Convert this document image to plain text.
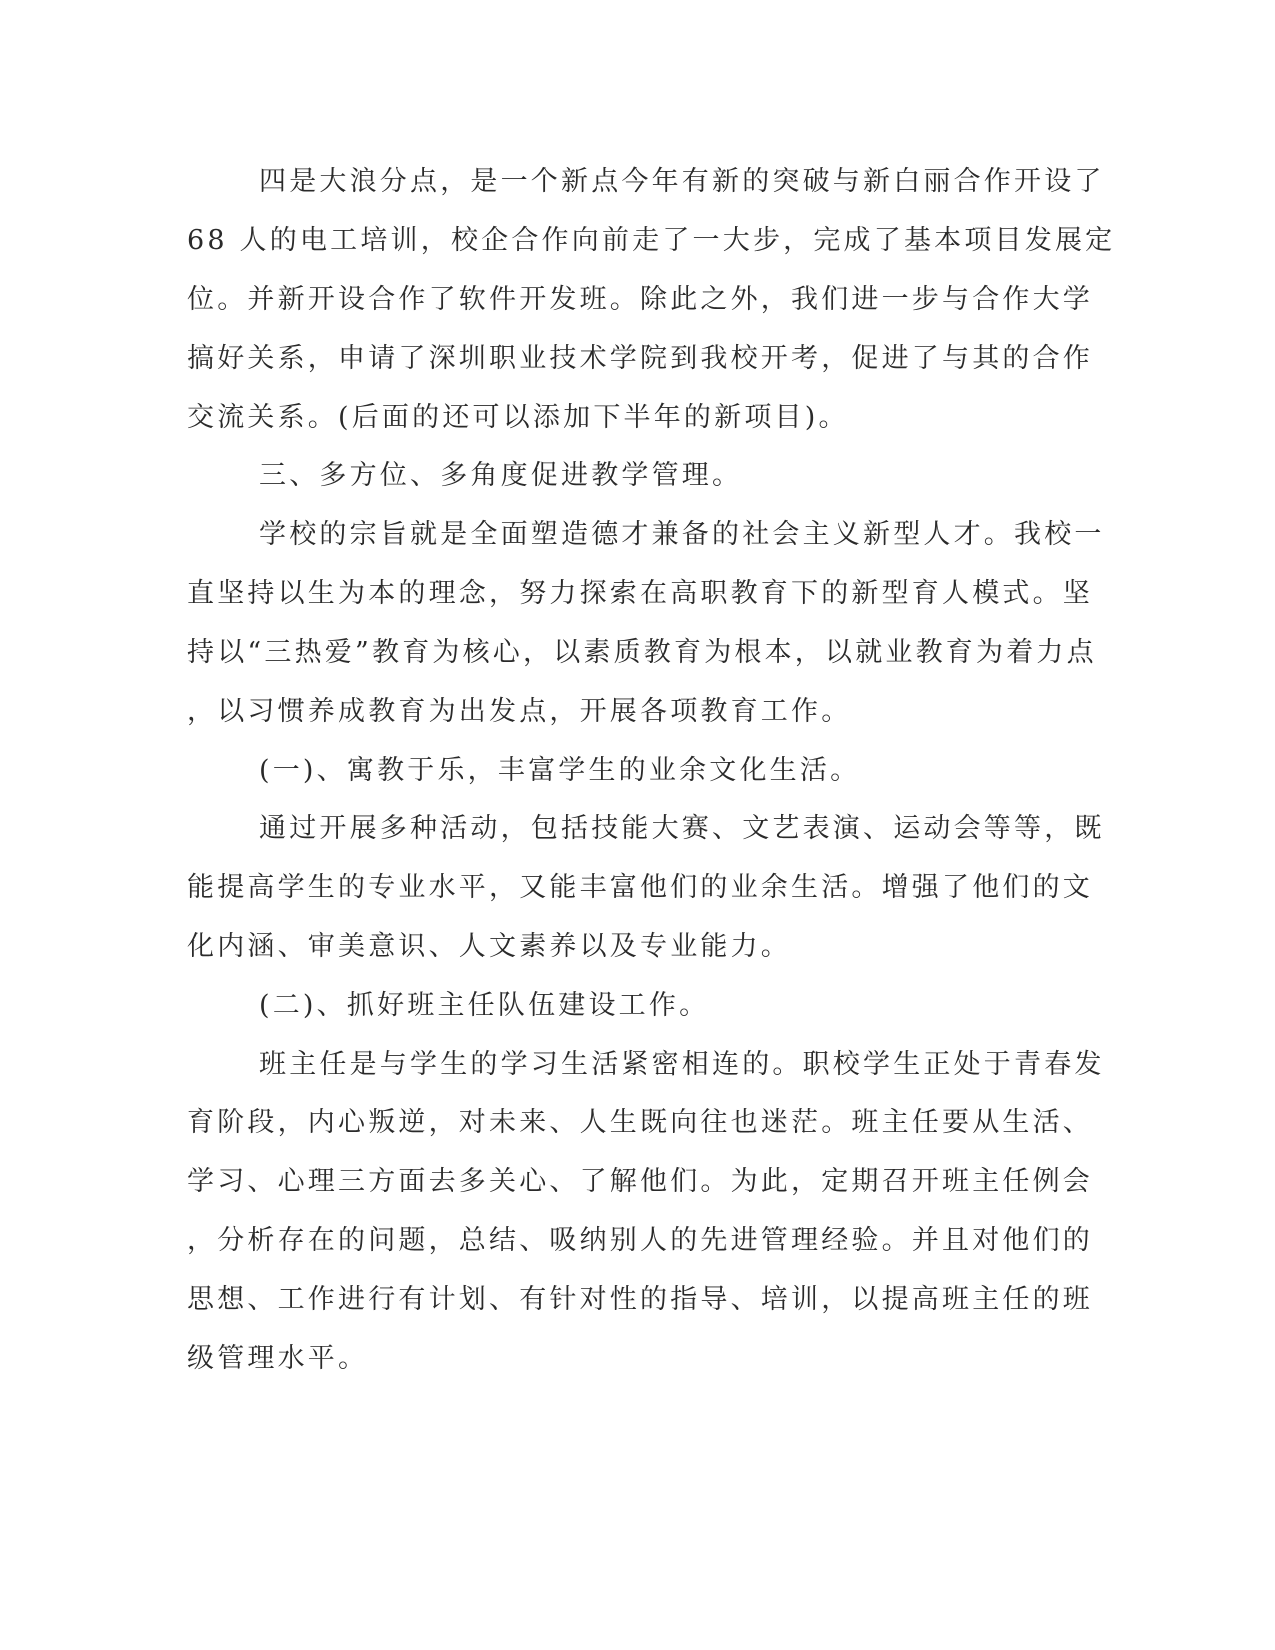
四是大浪分点，是一个新点今年有新的突破与新白丽合作开设了

68 人的电工培训，校企合作向前走了一大步，完成了基本项目发展定

位。并新开设合作了软件开发班。除此之外，我们进一步与合作大学

搞好关系，申请了深圳职业技术学院到我校开考，促进了与其的合作

交流关系。(后面的还可以添加下半年的新项目)。

三、多方位、多角度促进教学管理。

学校的宗旨就是全面塑造德才兼备的社会主义新型人才。我校一

直坚持以生为本的理念，努力探索在高职教育下的新型育人模式。坚

持以“三热爱”教育为核心，以素质教育为根本，以就业教育为着力点

，以习惯养成教育为出发点，开展各项教育工作。

(一)、寓教于乐，丰富学生的业余文化生活。

通过开展多种活动，包括技能大赛、文艺表演、运动会等等，既

能提高学生的专业水平，又能丰富他们的业余生活。增强了他们的文

化内涵、审美意识、人文素养以及专业能力。

(二)、抓好班主任队伍建设工作。

班主任是与学生的学习生活紧密相连的。职校学生正处于青春发

育阶段，内心叛逆，对未来、人生既向往也迷茫。班主任要从生活、

学习、心理三方面去多关心、了解他们。为此，定期召开班主任例会

，分析存在的问题，总结、吸纳别人的先进管理经验。并且对他们的

思想、工作进行有计划、有针对性的指导、培训，以提高班主任的班

级管理水平。
